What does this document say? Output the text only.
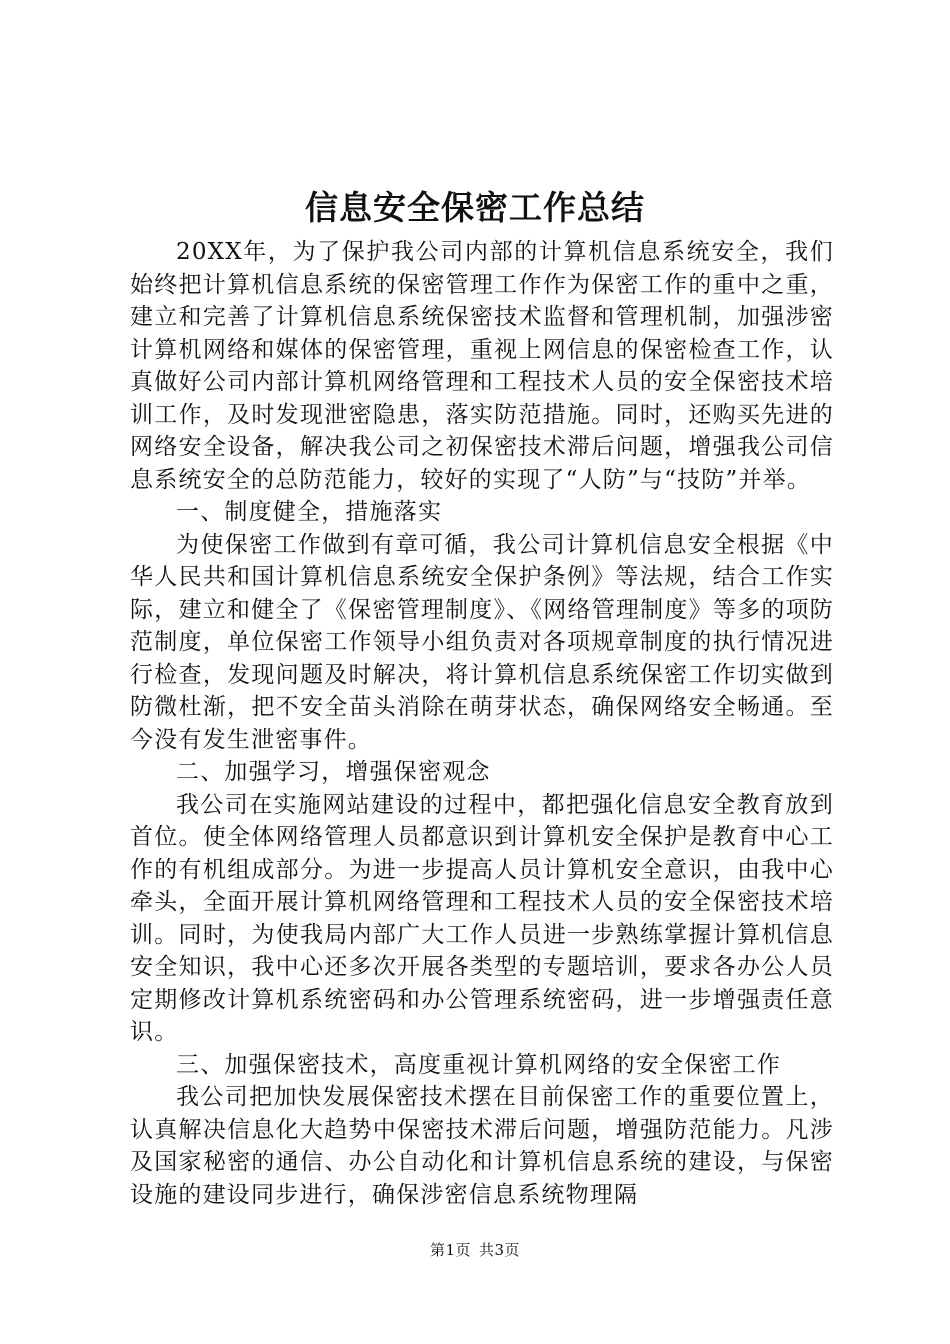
信息安全保密工作总结

20XX年，为了保护我公司内部的计算机信息系统安全，我们始终把计算机信息系统的保密管理工作作为保密工作的重中之重，建立和完善了计算机信息系统保密技术监督和管理机制，加强涉密计算机网络和媒体的保密管理，重视上网信息的保密检查工作，认真做好公司内部计算机网络管理和工程技术人员的安全保密技术培训工作，及时发现泄密隐患，落实防范措施。同时，还购买先进的网络安全设备，解决我公司之初保密技术滞后问题，增强我公司信息系统安全的总防范能力，较好的实现了“人防”与“技防”并举。

一、制度健全，措施落实

为使保密工作做到有章可循，我公司计算机信息安全根据《中华人民共和国计算机信息系统安全保护条例》等法规，结合工作实际，建立和健全了《保密管理制度》、《网络管理制度》等多的项防范制度，单位保密工作领导小组负责对各项规章制度的执行情况进行检查，发现问题及时解决，将计算机信息系统保密工作切实做到防微杜渐，把不安全苗头消除在萌芽状态，确保网络安全畅通。至今没有发生泄密事件。

二、加强学习，增强保密观念

我公司在实施网站建设的过程中，都把强化信息安全教育放到首位。使全体网络管理人员都意识到计算机安全保护是教育中心工作的有机组成部分。为进一步提高人员计算机安全意识，由我中心牵头，全面开展计算机网络管理和工程技术人员的安全保密技术培训。同时，为使我局内部广大工作人员进一步熟练掌握计算机信息安全知识，我中心还多次开展各类型的专题培训，要求各办公人员定期修改计算机系统密码和办公管理系统密码，进一步增强责任意识。

三、加强保密技术，高度重视计算机网络的安全保密工作

我公司把加快发展保密技术摆在目前保密工作的重要位置上，认真解决信息化大趋势中保密技术滞后问题，增强防范能力。凡涉及国家秘密的通信、办公自动化和计算机信息系统的建设，与保密设施的建设同步进行，确保涉密信息系统物理隔

第1页 共3页
